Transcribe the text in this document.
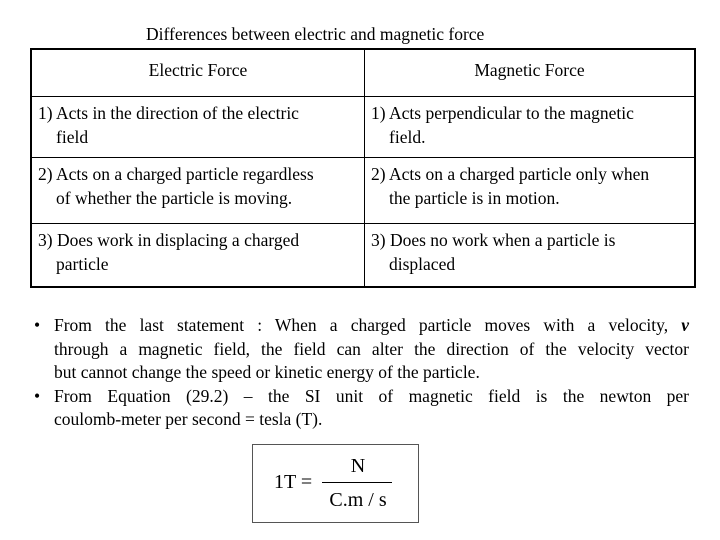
Differences between electric and magnetic force
Electric Force	Magnetic Force
1) Acts in the direction of the electric
field
1) Acts perpendicular to the magnetic
field.
2) Acts on a charged particle regardless
of whether the particle is moving.
2) Acts on a charged particle only when
the particle is in motion.
3) Does work in displacing a charged
particle
3) Does no work when a particle is
displaced
• From the last statement : When a charged particle moves with a velocity, v
through a magnetic field, the field can alter the direction of the velocity vector
but cannot change the speed or kinetic energy of the particle.
• From Equation (29.2) – the SI unit of magnetic field is the newton per
coulomb-meter per second = tesla (T).
1T =
N
C.m / s
